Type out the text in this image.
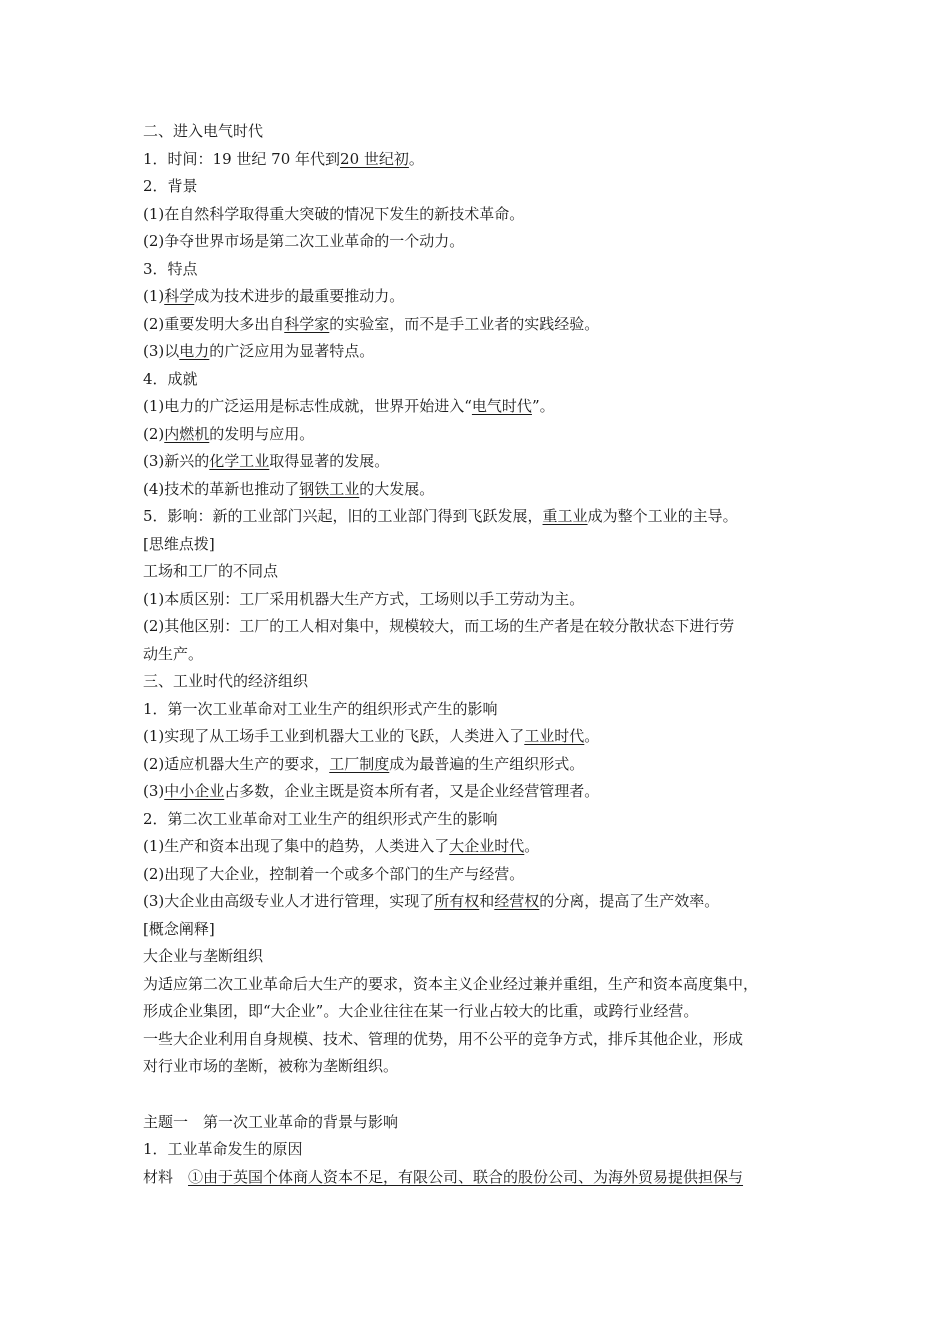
二、进入电气时代
1．时间：19 世纪 70 年代到20 世纪初。
2．背景
(1)在自然科学取得重大突破的情况下发生的新技术革命。
(2)争夺世界市场是第二次工业革命的一个动力。
3．特点
(1)科学成为技术进步的最重要推动力。
(2)重要发明大多出自科学家的实验室，而不是手工业者的实践经验。
(3)以电力的广泛应用为显著特点。
4．成就
(1)电力的广泛运用是标志性成就，世界开始进入“电气时代”。
(2)内燃机的发明与应用。
(3)新兴的化学工业取得显著的发展。
(4)技术的革新也推动了钢铁工业的大发展。
5．影响：新的工业部门兴起，旧的工业部门得到飞跃发展，重工业成为整个工业的主导。
[思维点拨]
工场和工厂的不同点
(1)本质区别：工厂采用机器大生产方式，工场则以手工劳动为主。
(2)其他区别：工厂的工人相对集中，规模较大，而工场的生产者是在较分散状态下进行劳
动生产。
三、工业时代的经济组织
1．第一次工业革命对工业生产的组织形式产生的影响
(1)实现了从工场手工业到机器大工业的飞跃，人类进入了工业时代。
(2)适应机器大生产的要求，工厂制度成为最普遍的生产组织形式。
(3)中小企业占多数，企业主既是资本所有者，又是企业经营管理者。
2．第二次工业革命对工业生产的组织形式产生的影响
(1)生产和资本出现了集中的趋势，人类进入了大企业时代。
(2)出现了大企业，控制着一个或多个部门的生产与经营。
(3)大企业由高级专业人才进行管理，实现了所有权和经营权的分离，提高了生产效率。
[概念阐释]
大企业与垄断组织
为适应第二次工业革命后大生产的要求，资本主义企业经过兼并重组，生产和资本高度集中，
形成企业集团，即“大企业”。大企业往往在某一行业占较大的比重，或跨行业经营。
一些大企业利用自身规模、技术、管理的优势，用不公平的竞争方式，排斥其他企业，形成
对行业市场的垄断，被称为垄断组织。
主题一　第一次工业革命的背景与影响
1．工业革命发生的原因
材料　①由于英国个体商人资本不足，有限公司、联合的股份公司、为海外贸易提供担保与
